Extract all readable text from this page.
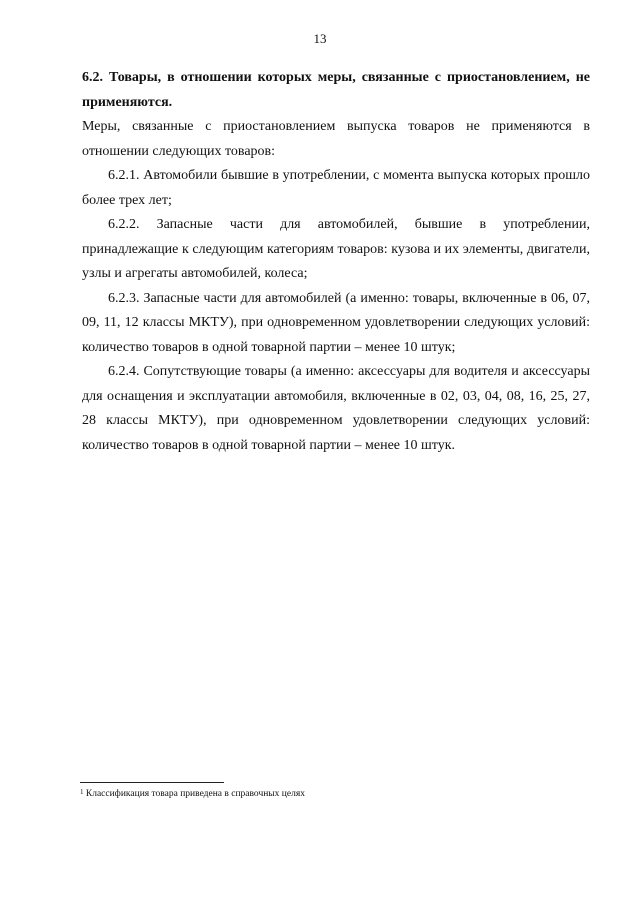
13

6.2. Товары, в отношении которых меры, связанные с приостановлением, не применяются.

Меры, связанные с приостановлением выпуска товаров не применяются в отношении следующих товаров:

6.2.1. Автомобили бывшие в употреблении, с момента выпуска которых прошло более трех лет;

6.2.2. Запасные части для автомобилей, бывшие в употреблении, принадлежащие к следующим категориям товаров: кузова и их элементы, двигатели, узлы и агрегаты автомобилей, колеса;

6.2.3. Запасные части для автомобилей (а именно: товары, включенные в 06, 07, 09, 11, 12 классы МКТУ), при одновременном удовлетворении следующих условий: количество товаров в одной товарной партии – менее 10 штук;

6.2.4. Сопутствующие товары (а именно: аксессуары для водителя и аксессуары для оснащения и эксплуатации автомобиля, включенные в 02, 03, 04, 08, 16, 25, 27, 28 классы МКТУ), при одновременном удовлетворении следующих условий: количество товаров в одной товарной партии – менее 10 штук.

$^1$ Классификация товара приведена в справочных целях
